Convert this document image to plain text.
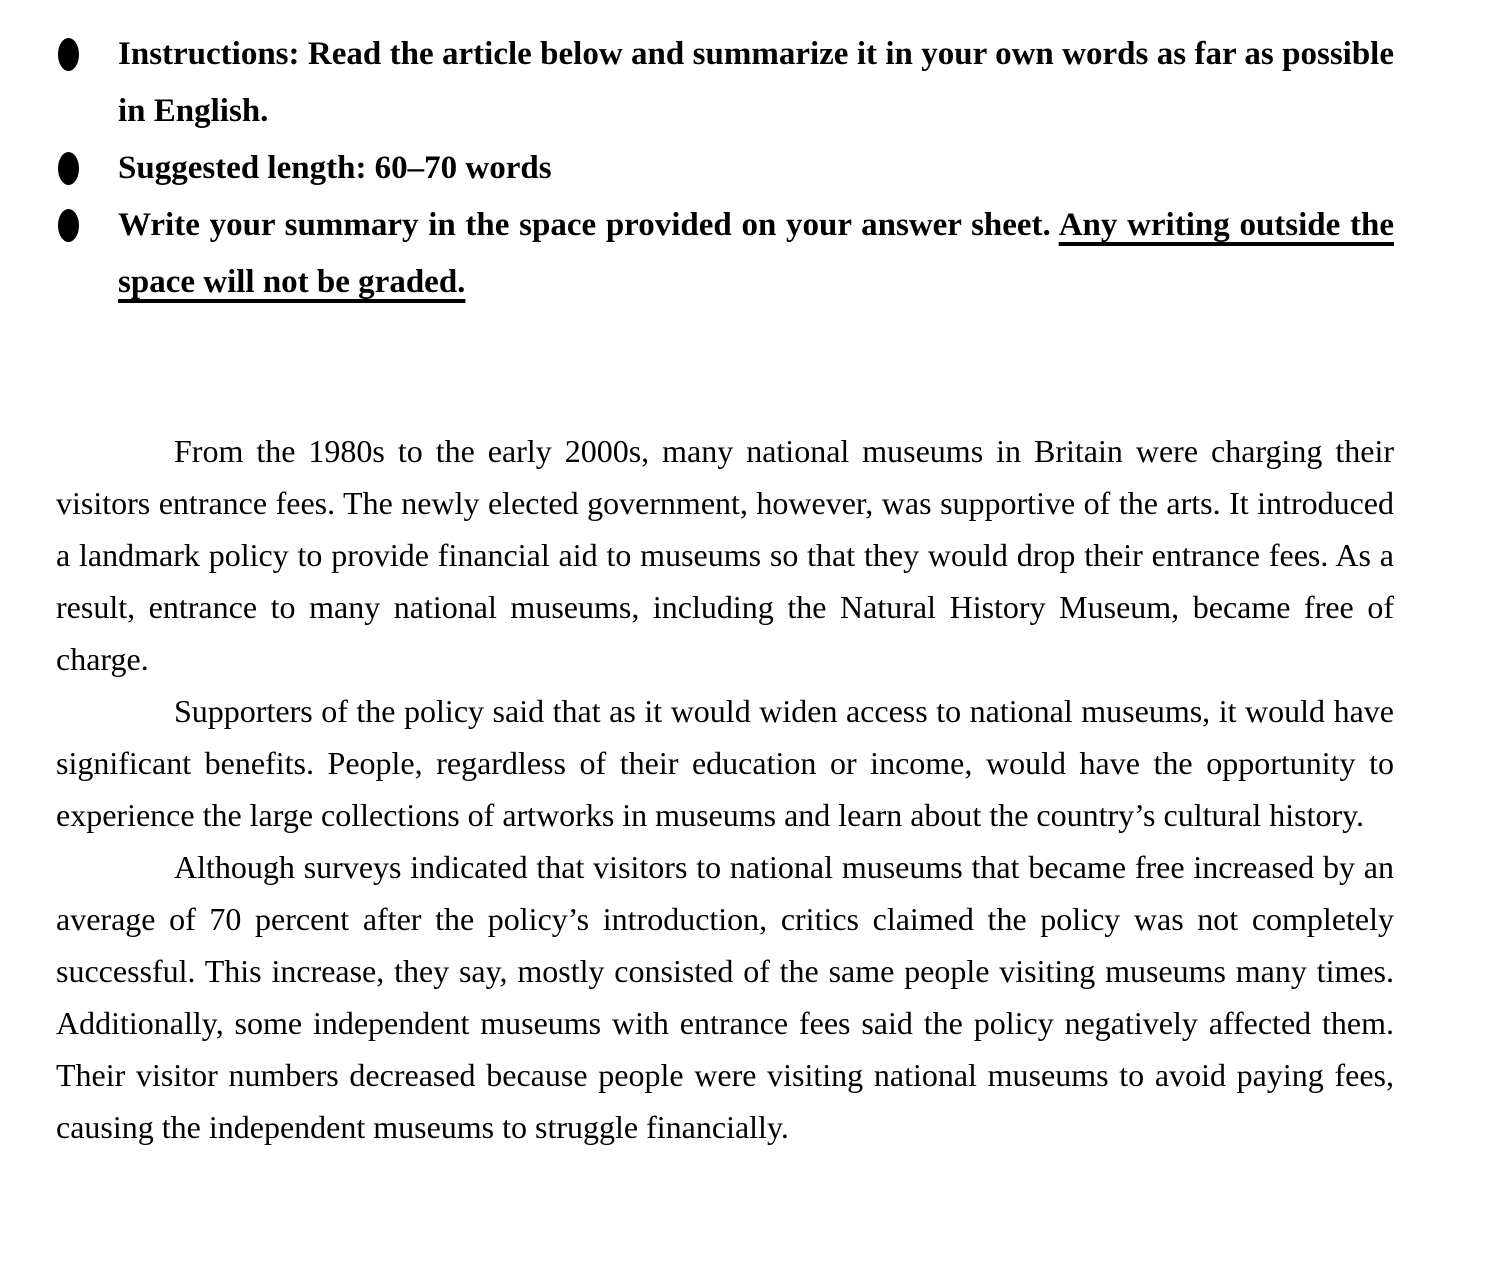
Instructions: Read the article below and summarize it in your own words as far as possible in English.
Suggested length: 60–70 words
Write your summary in the space provided on your answer sheet. Any writing outside the space will not be graded.

From the 1980s to the early 2000s, many national museums in Britain were charging their visitors entrance fees. The newly elected government, however, was supportive of the arts. It introduced a landmark policy to provide financial aid to museums so that they would drop their entrance fees. As a result, entrance to many national museums, including the Natural History Museum, became free of charge.

Supporters of the policy said that as it would widen access to national museums, it would have significant benefits. People, regardless of their education or income, would have the opportunity to experience the large collections of artworks in museums and learn about the country’s cultural history.

Although surveys indicated that visitors to national museums that became free increased by an average of 70 percent after the policy’s introduction, critics claimed the policy was not completely successful. This increase, they say, mostly consisted of the same people visiting museums many times. Additionally, some independent museums with entrance fees said the policy negatively affected them. Their visitor numbers decreased because people were visiting national museums to avoid paying fees, causing the independent museums to struggle financially.
